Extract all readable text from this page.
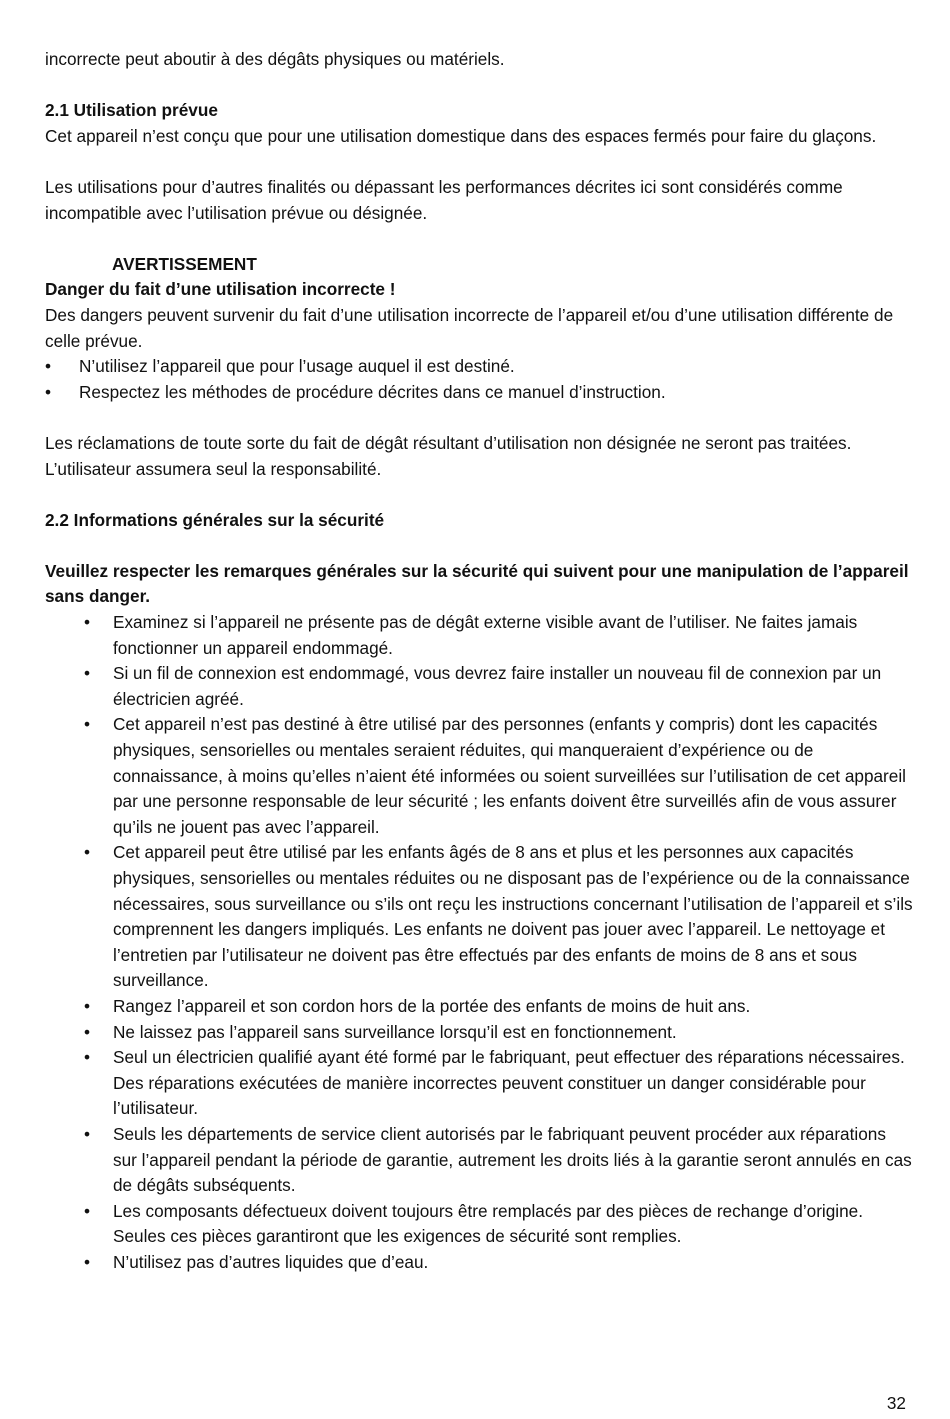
incorrecte peut aboutir à des dégâts physiques ou matériels.

2.1 Utilisation prévue

Cet appareil n’est conçu que pour une utilisation domestique dans des espaces fermés pour faire du glaçons.

Les utilisations pour d’autres finalités ou dépassant les performances décrites ici sont considérés comme incompatible avec l’utilisation prévue ou désignée.

AVERTISSEMENT

Danger du fait d’une utilisation incorrecte !

Des dangers peuvent survenir du fait d’une utilisation incorrecte de l’appareil et/ou d’une utilisation différente de celle prévue.

• N’utilisez l’appareil que pour l’usage auquel il est destiné.
• Respectez les méthodes de procédure décrites dans ce manuel d’instruction.

Les réclamations de toute sorte du fait de dégât résultant d’utilisation non désignée ne seront pas traitées. L’utilisateur assumera seul la responsabilité.

2.2 Informations générales sur la sécurité

Veuillez respecter les remarques générales sur la sécurité qui suivent pour une manipulation de l’appareil sans danger.

• Examinez si l’appareil ne présente pas de dégât externe visible avant de l’utiliser. Ne faites jamais fonctionner un appareil endommagé.
• Si un fil de connexion est endommagé, vous devrez faire installer un nouveau fil de connexion par un électricien agréé.
• Cet appareil n’est pas destiné à être utilisé par des personnes (enfants y compris) dont les capacités physiques, sensorielles ou mentales seraient réduites, qui manqueraient d’expérience ou de connaissance, à moins qu’elles n’aient été informées ou soient surveillées sur l’utilisation de cet appareil par une personne responsable de leur sécurité ; les enfants doivent être surveillés afin de vous assurer qu’ils ne jouent pas avec l’appareil.
• Cet appareil peut être utilisé par les enfants âgés de 8 ans et plus et les personnes aux capacités physiques, sensorielles ou mentales réduites ou ne disposant pas de l’expérience ou de la connaissance nécessaires, sous surveillance ou s’ils ont reçu les instructions concernant l’utilisation de l’appareil et s’ils comprennent les dangers impliqués. Les enfants ne doivent pas jouer avec l’appareil. Le nettoyage et l’entretien par l’utilisateur ne doivent pas être effectués par des enfants de moins de 8 ans et sous surveillance.
• Rangez l’appareil et son cordon hors de la portée des enfants de moins de huit ans.
• Ne laissez pas l’appareil sans surveillance lorsqu’il est en fonctionnement.
• Seul un électricien qualifié ayant été formé par le fabriquant, peut effectuer des réparations nécessaires. Des réparations exécutées de manière incorrectes peuvent constituer un danger considérable pour l’utilisateur.
• Seuls les départements de service client autorisés par le fabriquant peuvent procéder aux réparations sur l’appareil pendant la période de garantie, autrement les droits liés à la garantie seront annulés en cas de dégâts subséquents.
• Les composants défectueux doivent toujours être remplacés par des pièces de rechange d’origine. Seules ces pièces garantiront que les exigences de sécurité sont remplies.
• N’utilisez pas d’autres liquides que d’eau.
32
